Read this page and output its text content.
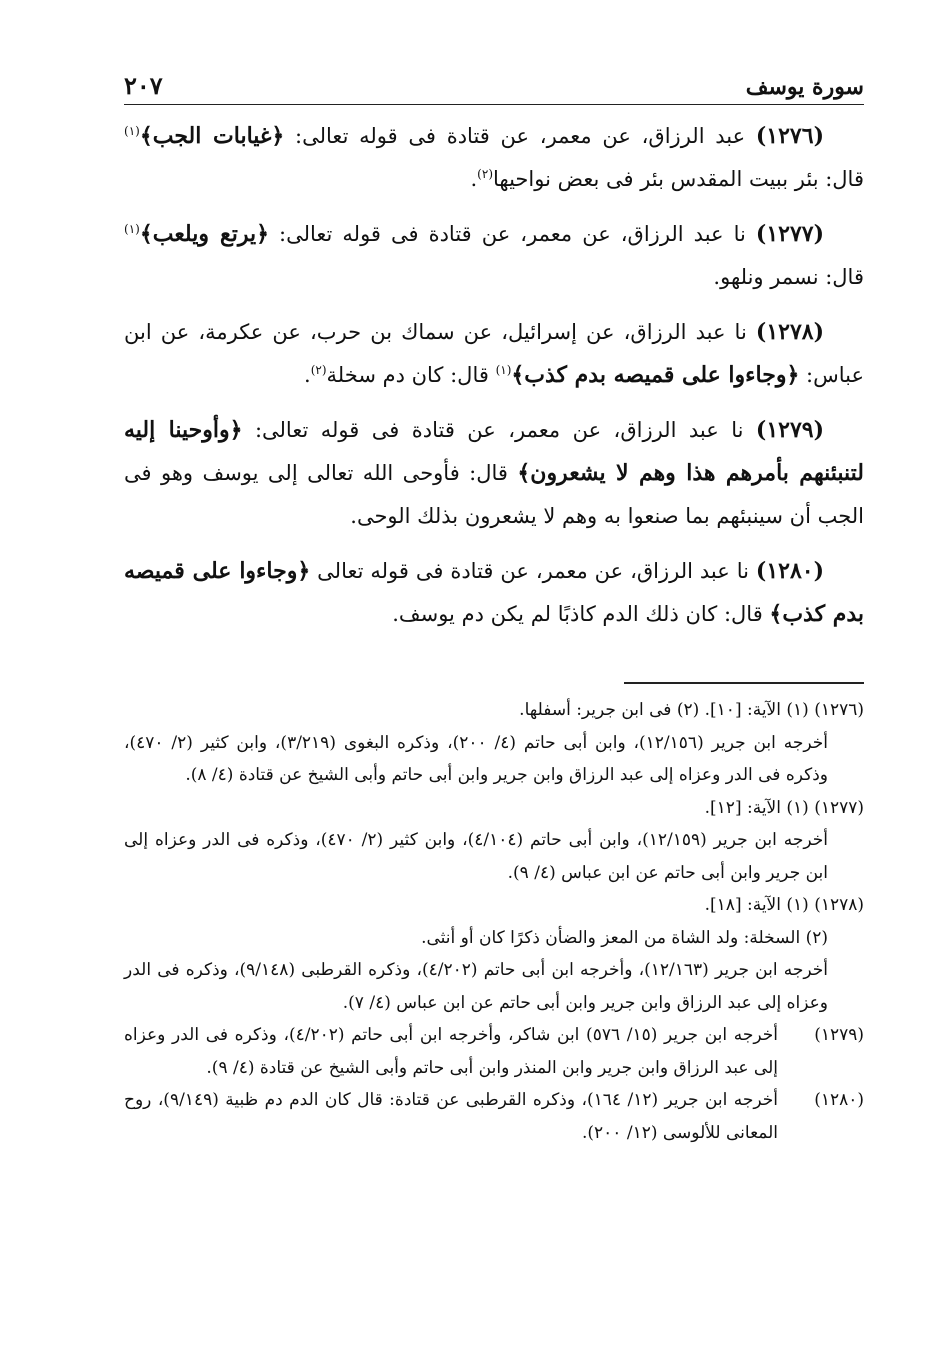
سورة يوسف
٢٠٧

(١٢٧٦) عبد الرزاق، عن معمر، عن قتادة فى قوله تعالى: ﴿غيابات الجب﴾$^{(١)}$ قال: بئر ببيت المقدس بئر فى بعض نواحيها$^{(٢)}$.

(١٢٧٧) نا عبد الرزاق، عن معمر، عن قتادة فى قوله تعالى: ﴿يرتع ويلعب﴾$^{(١)}$ قال: نسمر ونلهو.

(١٢٧٨) نا عبد الرزاق، عن إسرائيل، عن سماك بن حرب، عن عكرمة، عن ابن عباس: ﴿وجاءوا على قميصه بدم كذب﴾$^{(١)}$ قال: كان دم سخلة$^{(٢)}$.

(١٢٧٩) نا عبد الرزاق، عن معمر، عن قتادة فى قوله تعالى: ﴿وأوحينا إليه لتنبئنهم بأمرهم هذا وهم لا يشعرون﴾ قال: فأوحى الله تعالى إلى يوسف وهو فى الجب أن سينبئهم بما صنعوا به وهم لا يشعرون بذلك الوحى.

(١٢٨٠) نا عبد الرزاق، عن معمر، عن قتادة فى قوله تعالى ﴿وجاءوا على قميصه بدم كذب﴾ قال: كان ذلك الدم كاذبًا لم يكن دم يوسف.

(١٢٧٦) (١) الآية: [١٠]. (٢) فى ابن جرير: أسفلها.
أخرجه ابن جرير (١٢/١٥٦)، وابن أبى حاتم (٤/ ٢٠٠)، وذكره البغوى (٣/٢١٩)، وابن كثير (٢/ ٤٧٠)، وذكره فى الدر وعزاه إلى عبد الرزاق وابن جرير وابن أبى حاتم وأبى الشيخ عن قتادة (٤/ ٨).
(١٢٧٧) (١) الآية: [١٢].
أخرجه ابن جرير (١٢/١٥٩)، وابن أبى حاتم (٤/١٠٤)، وابن كثير (٢/ ٤٧٠)، وذكره فى الدر وعزاه إلى ابن جرير وابن أبى حاتم عن ابن عباس (٤/ ٩).
(١٢٧٨) (١) الآية: [١٨].
(٢) السخلة: ولد الشاة من المعز والضأن ذكرًا كان أو أنثى.
أخرجه ابن جرير (١٢/١٦٣)، وأخرجه ابن أبى حاتم (٤/٢٠٢)، وذكره القرطبى (٩/١٤٨)، وذكره فى الدر وعزاه إلى عبد الرزاق وابن جرير وابن أبى حاتم عن ابن عباس (٤/ ٧).
(١٢٧٩)
أخرجه ابن جرير (١٥/ ٥٧٦) ابن شاكر، وأخرجه ابن أبى حاتم (٤/٢٠٢)، وذكره فى الدر وعزاه إلى عبد الرزاق وابن جرير وابن المنذر وابن أبى حاتم وأبى الشيخ عن قتادة (٤/ ٩).
(١٢٨٠)
أخرجه ابن جرير (١٢/ ١٦٤)، وذكره القرطبى عن قتادة: قال كان الدم دم ظبية (٩/١٤٩)، روح المعانى للألوسى (١٢/ ٢٠٠).
